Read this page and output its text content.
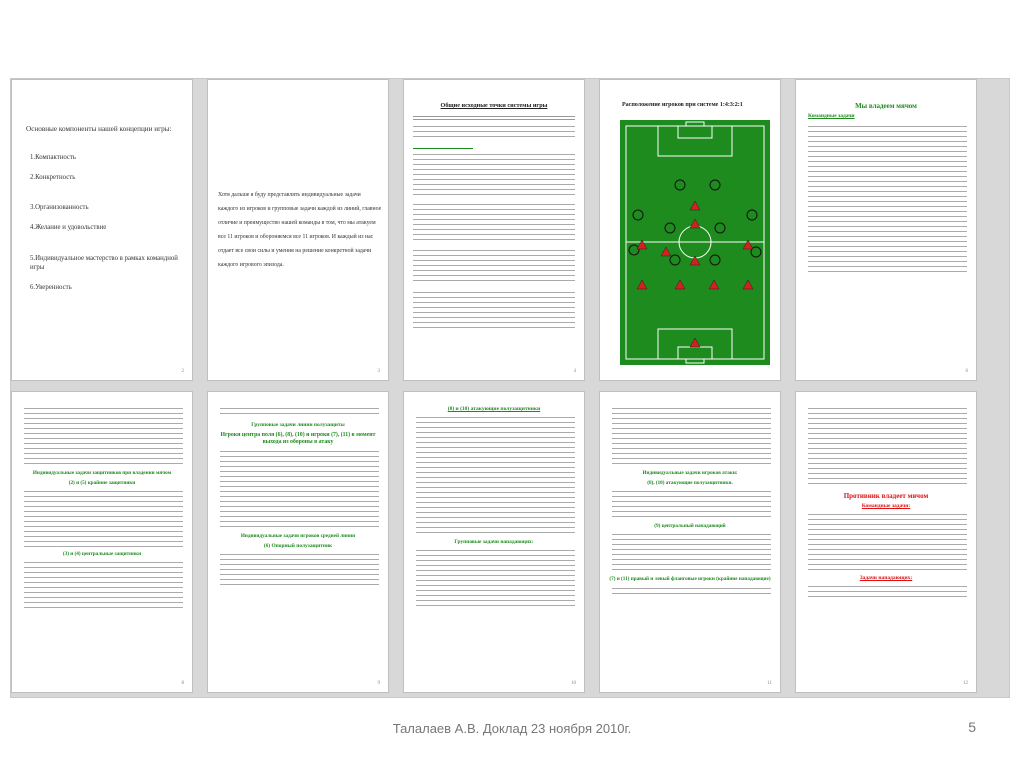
Основные компоненты нашей концепции игры:
1.Компактность
2.Конкретность
3.Организованность
4.Желание и удовольствие
5.Индивидуальное мастерство в рамках командной игры
6.Уверенность
2
Хотя дальше я буду представлять индивидуальные задачи каждого из игроков и групповые задачи каждой из линий, главное отличие и преимущество нашей команды в том, что мы атакуем все 11 игроков и обороняемся все 11 игроков. И каждый из нас отдает все свои силы и умения на решение конкретной задачи каждого игрового эпизода.
3
Общие исходные точки системы игры
4
Расположение игроков при системе 1:4:3:2:1	Мы владеем мячом
Командные задачи
6
Индивидуальные задачи защитников при владении мячом
(2) и (5) крайние защитники
(3) и (4) центральные защитники
8
Групповые задачи линии полузащиты
Игроки центра поля (6), (8), (10) и игроки (7), (11) в момент выхода из обороны в атаку
Индивидуальные задачи игроков средней линии
(6) Опорный полузащитник
9
(8) и (10) атакующие полузащитники
Групповые задачи нападающих:
10
Индивидуальные задачи игроков атаки:
(8), (10) атакующие полузащитники.
(9) центральный нападающий
(7) и (11) правый и левый фланговые игроки (крайние нападающие)
11
Противник владеет мячом
Командные задачи:
Задачи нападающих:
12
Талалаев А.В. Доклад 23 ноября 2010г.	5
